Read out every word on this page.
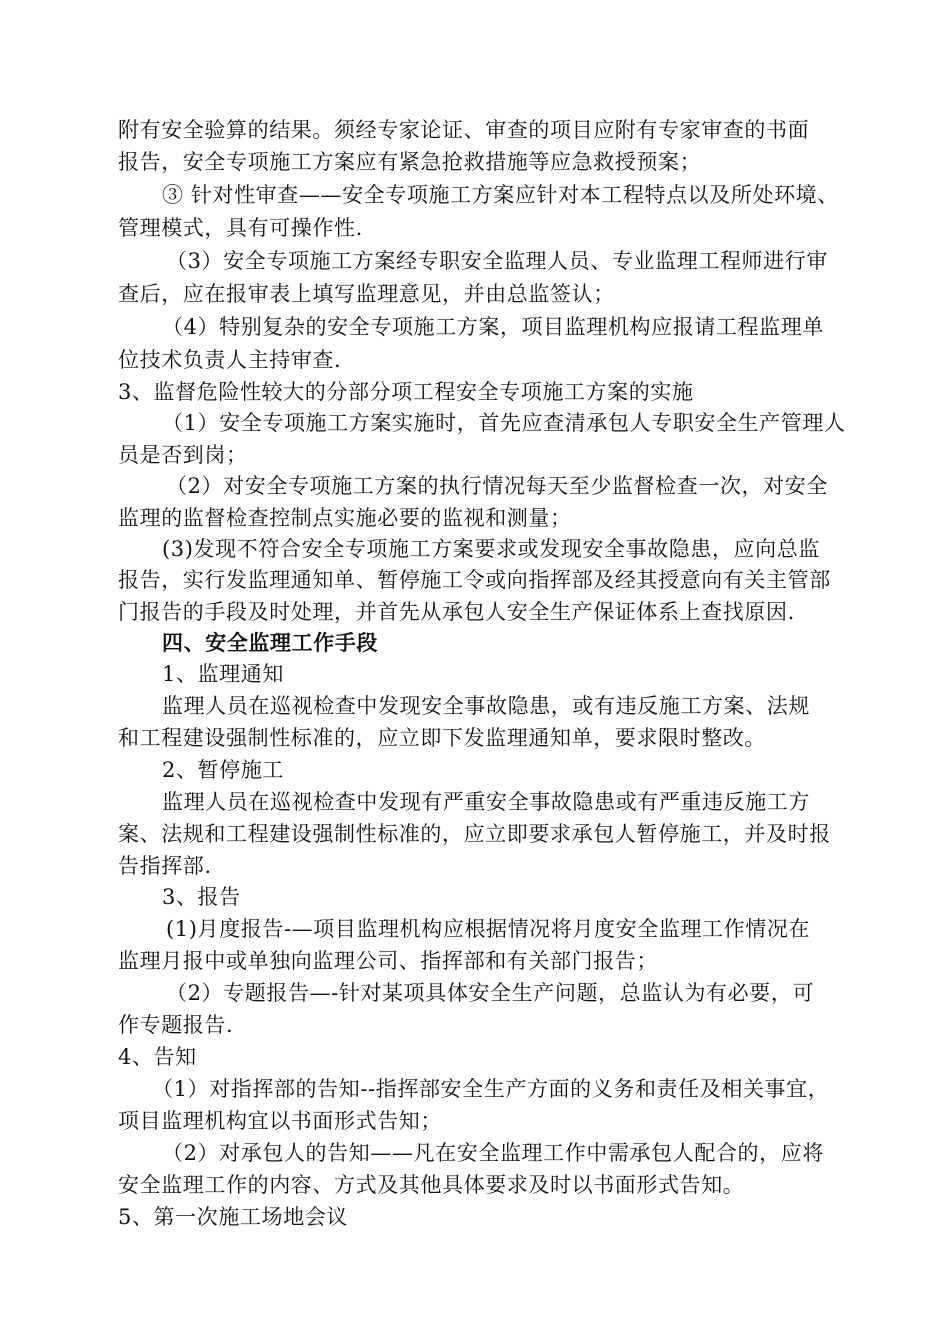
附有安全验算的结果。须经专家论证、审查的项目应附有专家审查的书面
报告，安全专项施工方案应有紧急抢救措施等应急救授预案；
③ 针对性审查——安全专项施工方案应针对本工程特点以及所处环境、
管理模式，具有可操作性.
（3）安全专项施工方案经专职安全监理人员、专业监理工程师进行审
查后，应在报审表上填写监理意见，并由总监签认；
（4）特别复杂的安全专项施工方案，项目监理机构应报请工程监理单
位技术负责人主持审查.
3、监督危险性较大的分部分项工程安全专项施工方案的实施
（1）安全专项施工方案实施时，首先应查清承包人专职安全生产管理人
员是否到岗；
（2）对安全专项施工方案的执行情况每天至少监督检查一次，对安全
监理的监督检查控制点实施必要的监视和测量；
(3)发现不符合安全专项施工方案要求或发现安全事故隐患，应向总监
报告，实行发监理通知单、暂停施工令或向指挥部及经其授意向有关主管部
门报告的手段及时处理，并首先从承包人安全生产保证体系上查找原因.
四、安全监理工作手段
1、监理通知
监理人员在巡视检查中发现安全事故隐患，或有违反施工方案、法规
和工程建设强制性标准的，应立即下发监理通知单，要求限时整改。
2、暂停施工
监理人员在巡视检查中发现有严重安全事故隐患或有严重违反施工方
案、法规和工程建设强制性标准的，应立即要求承包人暂停施工，并及时报
告指挥部.
3、报告
(1)月度报告-—项目监理机构应根据情况将月度安全监理工作情况在
监理月报中或单独向监理公司、指挥部和有关部门报告；
（2）专题报告—-针对某项具体安全生产问题，总监认为有必要，可
作专题报告.
4、告知
（1）对指挥部的告知--指挥部安全生产方面的义务和责任及相关事宜，
项目监理机构宜以书面形式告知；
（2）对承包人的告知——凡在安全监理工作中需承包人配合的，应将
安全监理工作的内容、方式及其他具体要求及时以书面形式告知。
5、第一次施工场地会议
